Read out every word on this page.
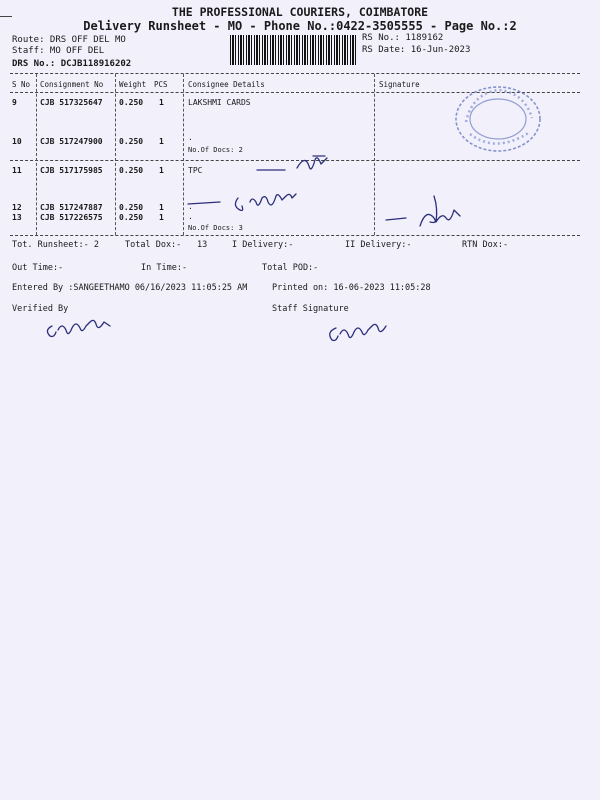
THE PROFESSIONAL COURIERS, COIMBATORE
Delivery Runsheet - MO - Phone No.:0422-3505555 - Page No.:2
Route: DRS OFF DEL MO
Staff: MO OFF DEL
DRS No.: DCJB118916202
RS No.: 1189162
RS Date: 16-Jun-2023
S No Consignment No Weight PCS	Consignee Details	Signature
9	CJB 517325647 0.250 1	LAKSHMI CARDS
10 CJB 517247900 0.250 1	.
No.Of Docs: 2
11 CJB 517175985 0.250 1	TPC
12 CJB 517247887 0.250 1	.
13 CJB 517226575 0.250 1	.
No.Of Docs: 3
Tot. Runsheet:- 2	Total Dox:- 13	I Delivery:-	II Delivery:-	RTN Dox:-
Out Time:-	In Time:-	Total POD:-
Entered By :SANGEETHAMO 06/16/2023 11:05:25 AM	Printed on: 16-06-2023 11:05:28
Verified By	Staff Signature
